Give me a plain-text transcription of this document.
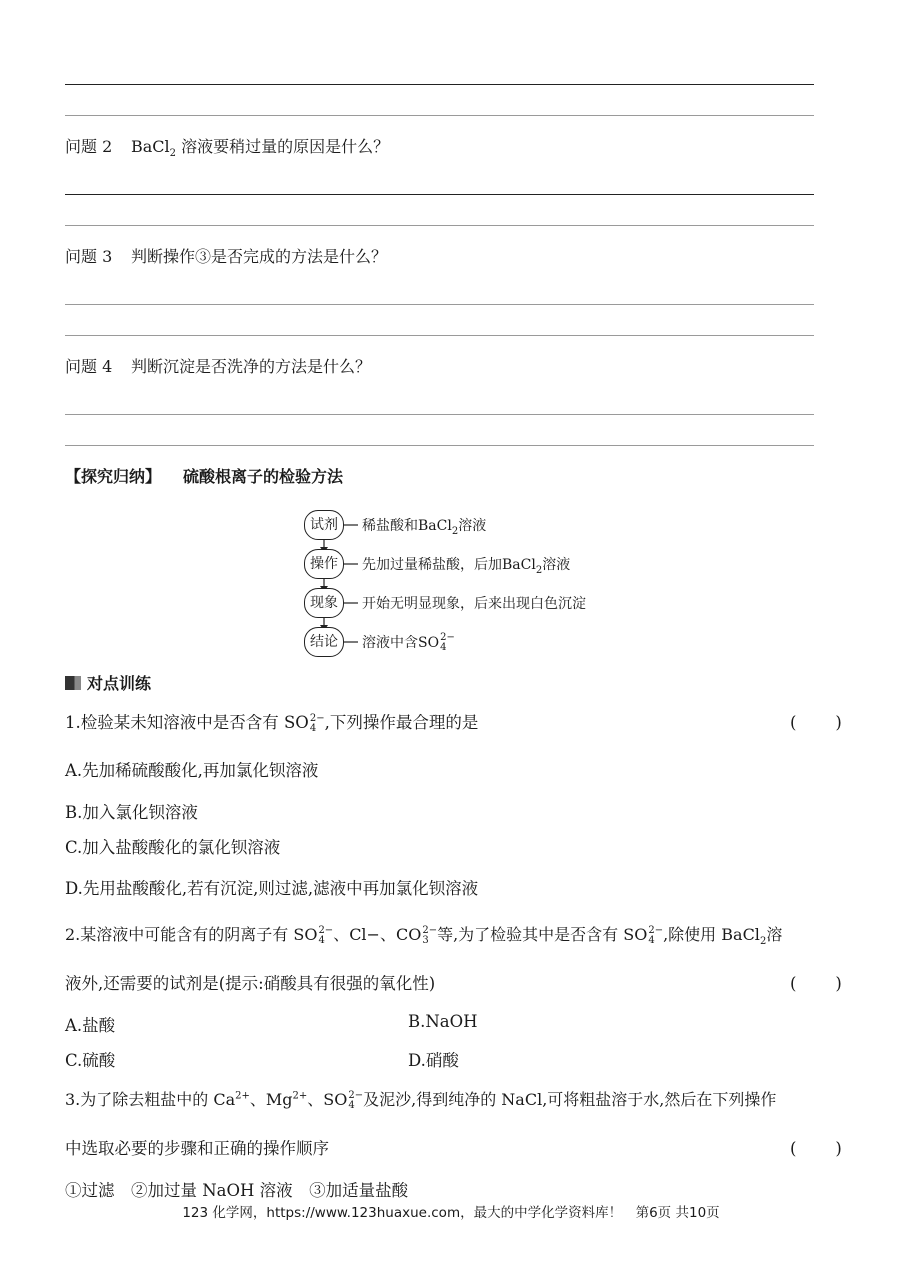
问题 2 BaCl$_2$ 溶液要稍过量的原因是什么？
问题 3 判断操作③是否完成的方法是什么？
问题 4 判断沉淀是否洗净的方法是什么？
【探究归纳】 硫酸根离子的检验方法
试剂	稀盐酸和BaCl$_2$溶液
操作	先加过量稀盐酸，后加BaCl$_2$溶液
现象	开始无明显现象，后来出现白色沉淀
结论	溶液中含SO 2−
4
对点训练
1.检验某未知溶液中是否含有 SO 2−
4 ,下列操作最合理的是	(　　)
A.先加稀硫酸酸化,再加氯化钡溶液
B.加入氯化钡溶液
C.加入盐酸酸化的氯化钡溶液
D.先用盐酸酸化,若有沉淀,则过滤,滤液中再加氯化钡溶液
2.某溶液中可能含有的阴离子有 SO 2−
4 、Cl−、CO 2−
3 等,为了检验其中是否含有 SO 2−
4 ,除使用 BaCl$_2$溶
液外,还需要的试剂是(提示:硝酸具有很强的氧化性)	(　　)
A.盐酸	B.NaOH
C.硫酸	D.硝酸
3.为了除去粗盐中的 $Ca^{2+}$、$Mg^{2+}$、SO 2−
4 及泥沙,得到纯净的 NaCl,可将粗盐溶于水,然后在下列操作
中选取必要的步骤和正确的操作顺序	(　　)
①过滤　②加过量 NaOH 溶液　③加适量盐酸
123 化学网，https://www.123huaxue.com，最大的中学化学资料库！　第6页 共10页
